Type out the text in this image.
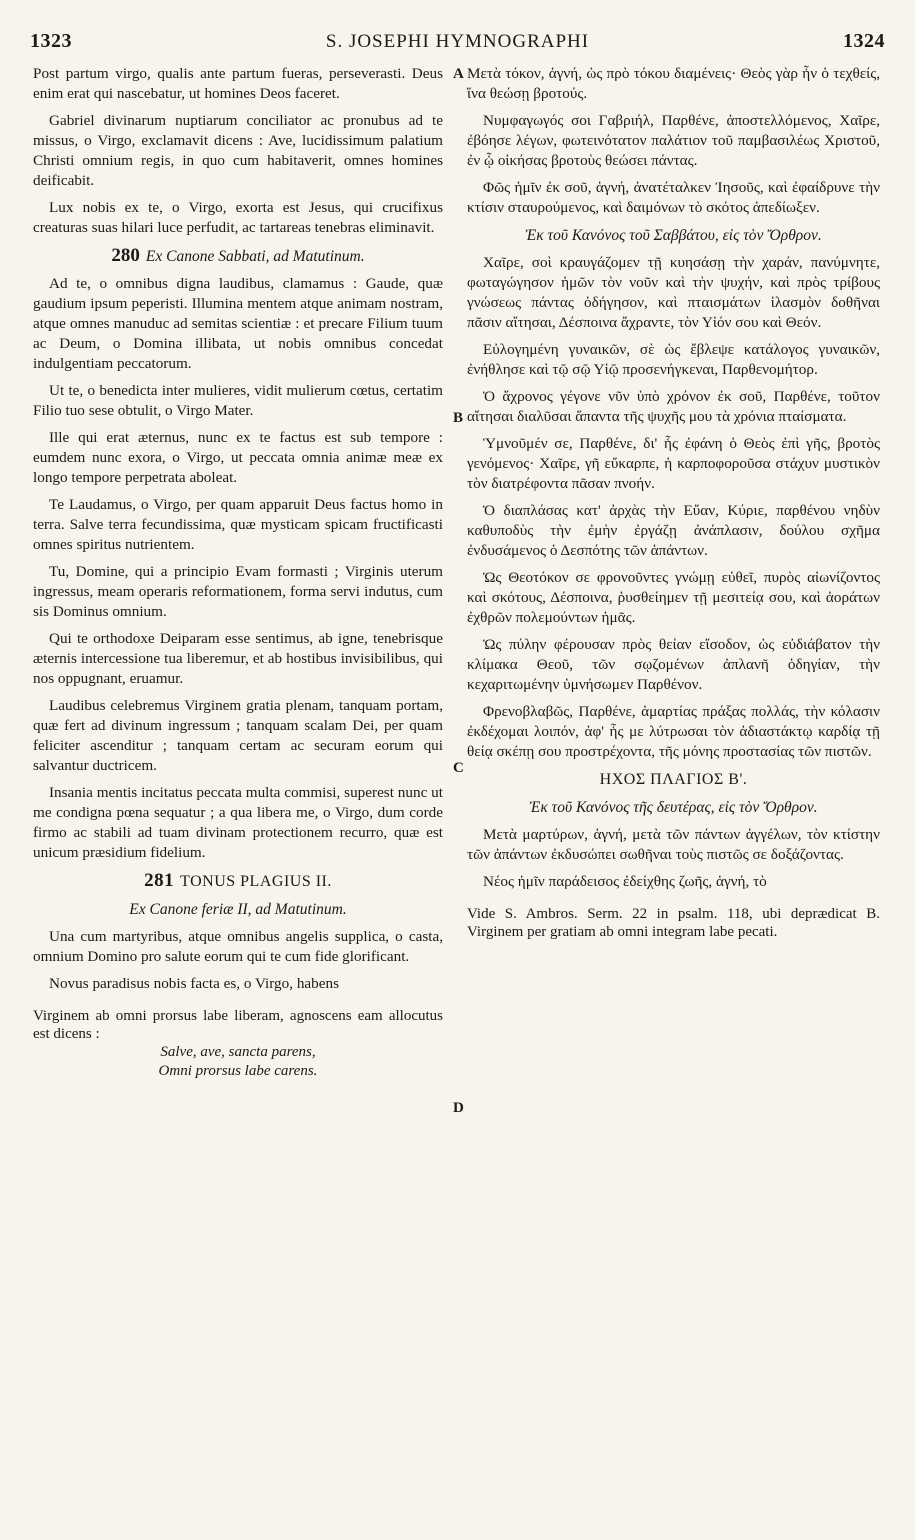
1323	S. JOSEPHI HYMNOGRAPHI	1324
A
B
C
D

Post partum virgo, qualis ante partum fueras, perseverasti. Deus enim erat qui nascebatur, ut homines Deos faceret.

Gabriel divinarum nuptiarum conciliator ac pronubus ad te missus, o Virgo, exclamavit dicens : Ave, lucidissimum palatium Christi omnium regis, in quo cum habitaverit, omnes homines deificabit.

Lux nobis ex te, o Virgo, exorta est Jesus, qui crucifixus creaturas suas hilari luce perfudit, ac tartareas tenebras eliminavit.

280 Ex Canone Sabbati, ad Matutinum.

Ad te, o omnibus digna laudibus, clamamus : Gaude, quæ gaudium ipsum peperisti. Illumina mentem atque animam nostram, atque omnes manuduc ad semitas scientiæ : et precare Filium tuum ac Deum, o Domina illibata, ut nobis omnibus concedat indulgentiam peccatorum.

Ut te, o benedicta inter mulieres, vidit mulierum cœtus, certatim Filio tuo sese obtulit, o Virgo Mater.

Ille qui erat æternus, nunc ex te factus est sub tempore : eumdem nunc exora, o Virgo, ut peccata omnia animæ meæ ex longo tempore perpetrata aboleat.

Te Laudamus, o Virgo, per quam apparuit Deus factus homo in terra. Salve terra fecundissima, quæ mysticam spicam fructificasti omnes spiritus nutrientem.

Tu, Domine, qui a principio Evam formasti ; Virginis uterum ingressus, meam operaris reformationem, forma servi indutus, cum sis Dominus omnium.

Qui te orthodoxe Deiparam esse sentimus, ab igne, tenebrisque æternis intercessione tua liberemur, et ab hostibus invisibilibus, qui nos oppugnant, eruamur.

Laudibus celebremus Virginem gratia plenam, tanquam portam, quæ fert ad divinum ingressum ; tanquam scalam Dei, per quam feliciter ascenditur ; tanquam certam ac securam eorum qui salvantur ductricem.

Insania mentis incitatus peccata multa commisi, superest nunc ut me condigna pœna sequatur ; a qua libera me, o Virgo, dum corde firmo ac stabili ad tuam divinam protectionem recurro, quæ est unicum præsidium fidelium.

281 TONUS PLAGIUS II.
Ex Canone feriæ II, ad Matutinum.

Una cum martyribus, atque omnibus angelis supplica, o casta, omnium Domino pro salute eorum qui te cum fide glorificant.

Novus paradisus nobis facta es, o Virgo, habens

Virginem ab omni prorsus labe liberam, agnoscens eam allocutus est dicens :

Salve, ave, sancta parens,

Omni prorsus labe carens.

Μετὰ τόκον, ἁγνή, ὡς πρὸ τόκου διαμένεις· Θεὸς γὰρ ἦν ὁ τεχθείς, ἵνα θεώσῃ βροτούς.

Νυμφαγωγός σοι Γαβριήλ, Παρθένε, ἀποστελλόμενος, Χαῖρε, ἐβόησε λέγων, φωτεινότατον παλάτιον τοῦ παμβασιλέως Χριστοῦ, ἐν ᾧ οἰκήσας βροτοὺς θεώσει πάντας.

Φῶς ἡμῖν ἐκ σοῦ, ἁγνή, ἀνατέταλκεν Ἰησοῦς, καὶ ἐφαίδρυνε τὴν κτίσιν σταυρούμενος, καὶ δαιμόνων τὸ σκότος ἀπεδίωξεν.

Ἐκ τοῦ Κανόνος τοῦ Σαββάτου, εἰς τὸν Ὄρθρον.

Χαῖρε, σοὶ κραυγάζομεν τῇ κυησάσῃ τὴν χαράν, πανύμνητε, φωταγώγησον ἡμῶν τὸν νοῦν καὶ τὴν ψυχήν, καὶ πρὸς τρίβους γνώσεως πάντας ὁδήγησον, καὶ πταισμάτων ἱλασμὸν δοθῆναι πᾶσιν αἴτησαι, Δέσποινα ἄχραντε, τὸν Υἱόν σου καὶ Θεόν.

Εὐλογημένη γυναικῶν, σὲ ὡς ἔβλεψε κατάλογος γυναικῶν, ἐνήθλησε καὶ τῷ σῷ Υἱῷ προσενήγκεναι, Παρθενομήτορ.

Ὁ ἄχρονος γέγονε νῦν ὑπὸ χρόνον ἐκ σοῦ, Παρθένε, τοῦτον αἴτησαι διαλῦσαι ἅπαντα τῆς ψυχῆς μου τὰ χρόνια πταίσματα.

Ὑμνοῦμέν σε, Παρθένε, δι' ἧς ἐφάνη ὁ Θεὸς ἐπὶ γῆς, βροτὸς γενόμενος· Χαῖρε, γῆ εὔκαρπε, ἡ καρποφοροῦσα στάχυν μυστικὸν τὸν διατρέφοντα πᾶσαν πνοήν.

Ὁ διαπλάσας κατ' ἀρχὰς τὴν Εὔαν, Κύριε, παρθένου νηδὺν καθυποδὺς τὴν ἐμὴν ἐργάζῃ ἀνάπλασιν, δούλου σχῆμα ἐνδυσάμενος ὁ Δεσπότης τῶν ἁπάντων.

Ὡς Θεοτόκον σε φρονοῦντες γνώμῃ εὐθεῖ, πυρὸς αἰωνίζοντος καὶ σκότους, Δέσποινα, ῥυσθείημεν τῇ μεσιτείᾳ σου, καὶ ἀοράτων ἐχθρῶν πολεμούντων ἡμᾶς.

Ὡς πύλην φέρουσαν πρὸς θείαν εἴσοδον, ὡς εὐδιάβατον τὴν κλίμακα Θεοῦ, τῶν σῳζομένων ἀπλανῆ ὁδηγίαν, τὴν κεχαριτωμένην ὑμνήσωμεν Παρθένον.

Φρενοβλαβῶς, Παρθένε, ἁμαρτίας πράξας πολλάς, τὴν κόλασιν ἐκδέχομαι λοιπόν, ἀφ' ἧς με λύτρωσαι τὸν ἀδιαστάκτῳ καρδίᾳ τῇ θείᾳ σκέπῃ σου προστρέχοντα, τῆς μόνης προστασίας τῶν πιστῶν.

ΗΧΟΣ ΠΛΑΓΙΟΣ Β'.
Ἐκ τοῦ Κανόνος τῆς δευτέρας, εἰς τὸν Ὄρθρον.

Μετὰ μαρτύρων, ἁγνή, μετὰ τῶν πάντων ἀγγέλων, τὸν κτίστην τῶν ἁπάντων ἐκδυσώπει σωθῆναι τοὺς πιστῶς σε δοξάζοντας.

Νέος ἡμῖν παράδεισος ἐδείχθης ζωῆς, ἁγνή, τὸ

Vide S. Ambros. Serm. 22 in psalm. 118, ubi deprædicat B. Virginem per gratiam ab omni integram labe pecati.
